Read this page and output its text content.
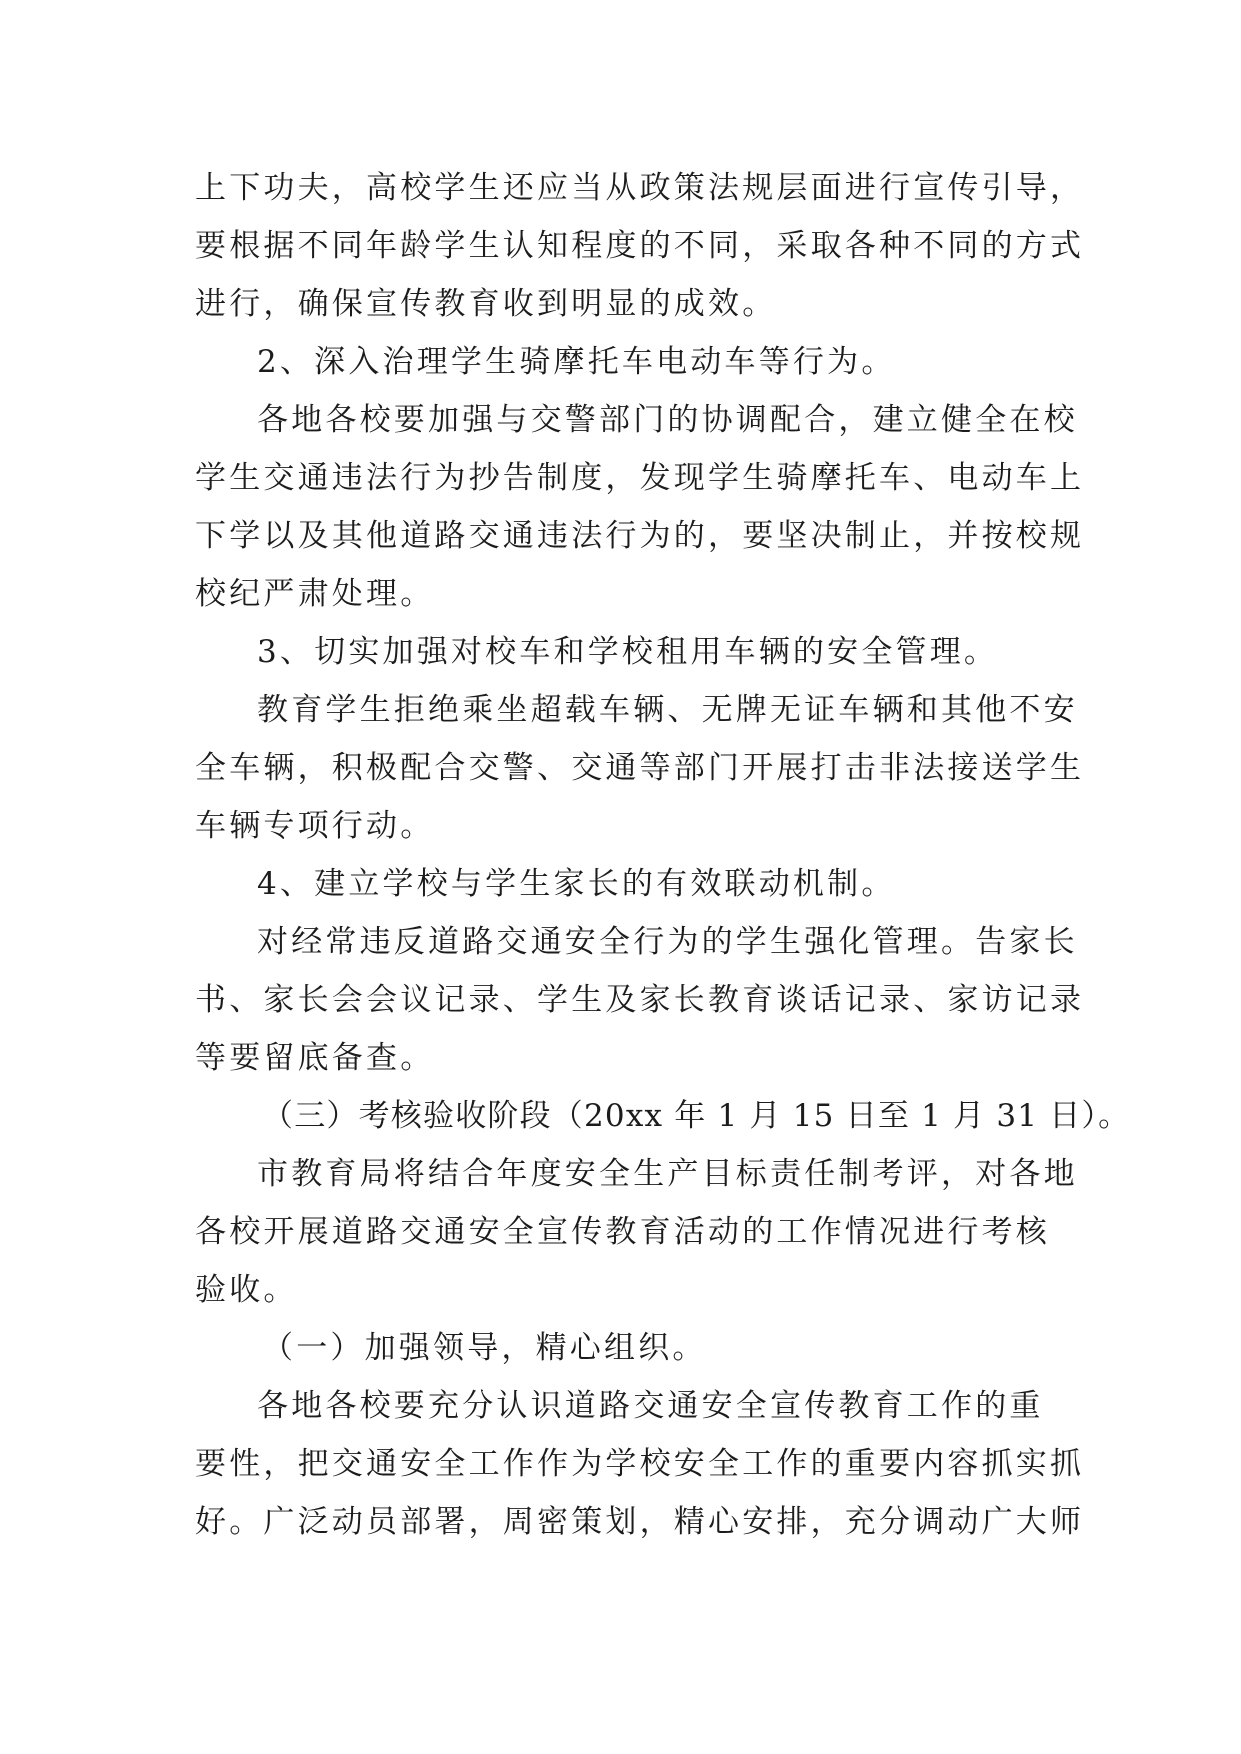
上下功夫，高校学生还应当从政策法规层面进行宣传引导，
要根据不同年龄学生认知程度的不同，采取各种不同的方式
进行，确保宣传教育收到明显的成效。
2、深入治理学生骑摩托车电动车等行为。
各地各校要加强与交警部门的协调配合，建立健全在校
学生交通违法行为抄告制度，发现学生骑摩托车、电动车上
下学以及其他道路交通违法行为的，要坚决制止，并按校规
校纪严肃处理。
3、切实加强对校车和学校租用车辆的安全管理。
教育学生拒绝乘坐超载车辆、无牌无证车辆和其他不安
全车辆，积极配合交警、交通等部门开展打击非法接送学生
车辆专项行动。
4、建立学校与学生家长的有效联动机制。
对经常违反道路交通安全行为的学生强化管理。告家长
书、家长会会议记录、学生及家长教育谈话记录、家访记录
等要留底备查。
（三）考核验收阶段（20xx 年 1 月 15 日至 1 月 31 日）。
市教育局将结合年度安全生产目标责任制考评，对各地
各校开展道路交通安全宣传教育活动的工作情况进行考核
验收。
（一）加强领导，精心组织。
各地各校要充分认识道路交通安全宣传教育工作的重
要性，把交通安全工作作为学校安全工作的重要内容抓实抓
好。广泛动员部署，周密策划，精心安排，充分调动广大师
